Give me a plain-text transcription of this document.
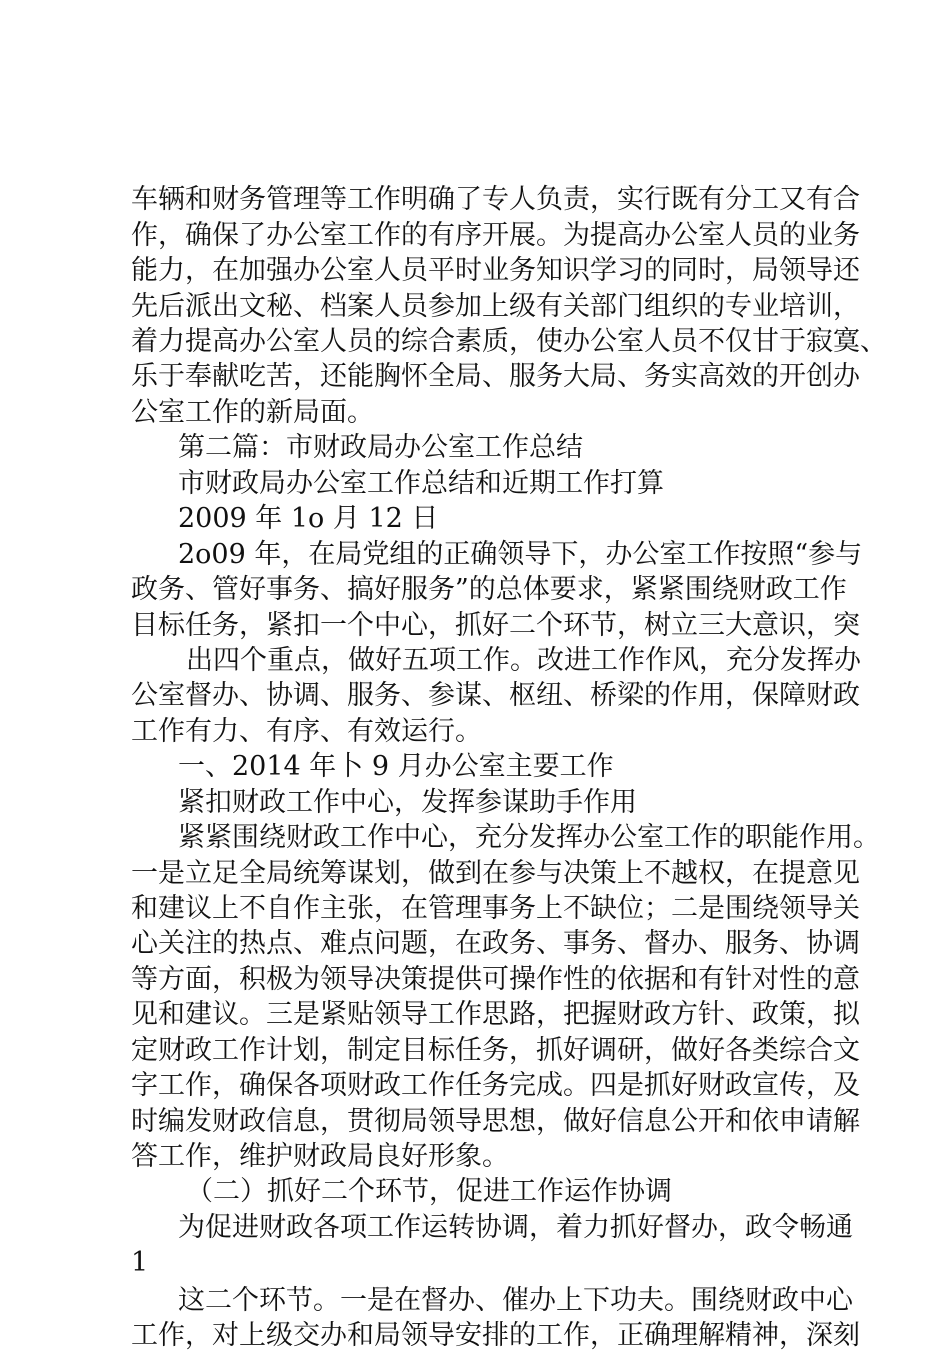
车辆和财务管理等工作明确了专人负责，实行既有分工又有合
作，确保了办公室工作的有序开展。为提高办公室人员的业务
能力，在加强办公室人员平时业务知识学习的同时，局领导还
先后派出文秘、档案人员参加上级有关部门组织的专业培训，
着力提高办公室人员的综合素质，使办公室人员不仅甘于寂寞、
乐于奉献吃苦，还能胸怀全局、服务大局、务实高效的开创办
公室工作的新局面。
第二篇：市财政局办公室工作总结
市财政局办公室工作总结和近期工作打算
2009 年 1o 月 12 日
2o09 年，在局党组的正确领导下，办公室工作按照“参与
政务、管好事务、搞好服务”的总体要求，紧紧围绕财政工作
目标任务，紧扣一个中心，抓好二个环节，树立三大意识，突
出四个重点，做好五项工作。改进工作作风，充分发挥办
公室督办、协调、服务、参谋、枢纽、桥梁的作用，保障财政
工作有力、有序、有效运行。
一、2014 年卜 9 月办公室主要工作
紧扣财政工作中心，发挥参谋助手作用
紧紧围绕财政工作中心，充分发挥办公室工作的职能作用。
一是立足全局统筹谋划，做到在参与决策上不越权，在提意见
和建议上不自作主张，在管理事务上不缺位；二是围绕领导关
心关注的热点、难点问题，在政务、事务、督办、服务、协调
等方面，积极为领导决策提供可操作性的依据和有针对性的意
见和建议。三是紧贴领导工作思路，把握财政方针、政策，拟
定财政工作计划，制定目标任务，抓好调研，做好各类综合文
字工作，确保各项财政工作任务完成。四是抓好财政宣传，及
时编发财政信息，贯彻局领导思想，做好信息公开和依申请解
答工作，维护财政局良好形象。
（二）抓好二个环节，促进工作运作协调
为促进财政各项工作运转协调，着力抓好督办，政令畅通
1
这二个环节。一是在督办、催办上下功夫。围绕财政中心
工作，对上级交办和局领导安排的工作，正确理解精神，深刻
